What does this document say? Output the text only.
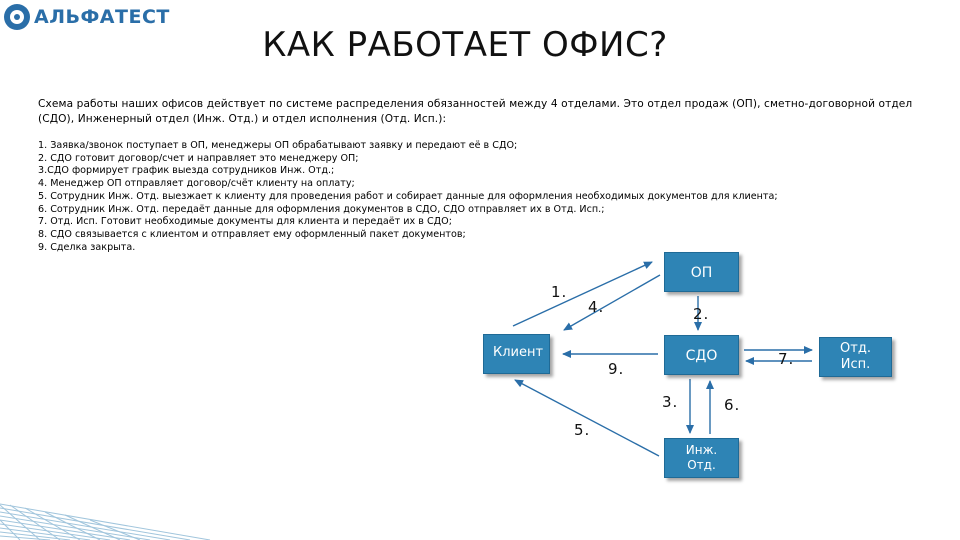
АЛЬФАТЕСТ
КАК РАБОТАЕТ ОФИС?
Схема работы наших офисов действует по системе распределения обязанностей между 4 отделами. Это отдел продаж (ОП), сметно-договорной отдел (СДО), Инженерный отдел (Инж. Отд.) и отдел исполнения (Отд. Исп.):
1. Заявка/звонок поступает в ОП, менеджеры ОП обрабатывают заявку и передают её в СДО;
2. СДО готовит договор/счет и направляет это менеджеру ОП;
3.СДО формирует график выезда сотрудников Инж. Отд.;
4. Менеджер ОП отправляет договор/счёт клиенту на оплату;
5. Сотрудник Инж. Отд. выезжает к клиенту для проведения работ и собирает данные для оформления необходимых документов для клиента;
6. Сотрудник Инж. Отд. передаёт данные для оформления документов в СДО, СДО отправляет их в Отд. Исп.;
7. Отд. Исп. Готовит необходимые документы для клиента и передаёт их в СДО;
8. СДО связывается с клиентом и отправляет ему оформленный пакет документов;
9. Сделка закрыта.
ОП
СДО
Клиент
Инж.
Отд.
Отд.
Исп.
1.
4.	2.
9.
7.
3.	6.
5.
